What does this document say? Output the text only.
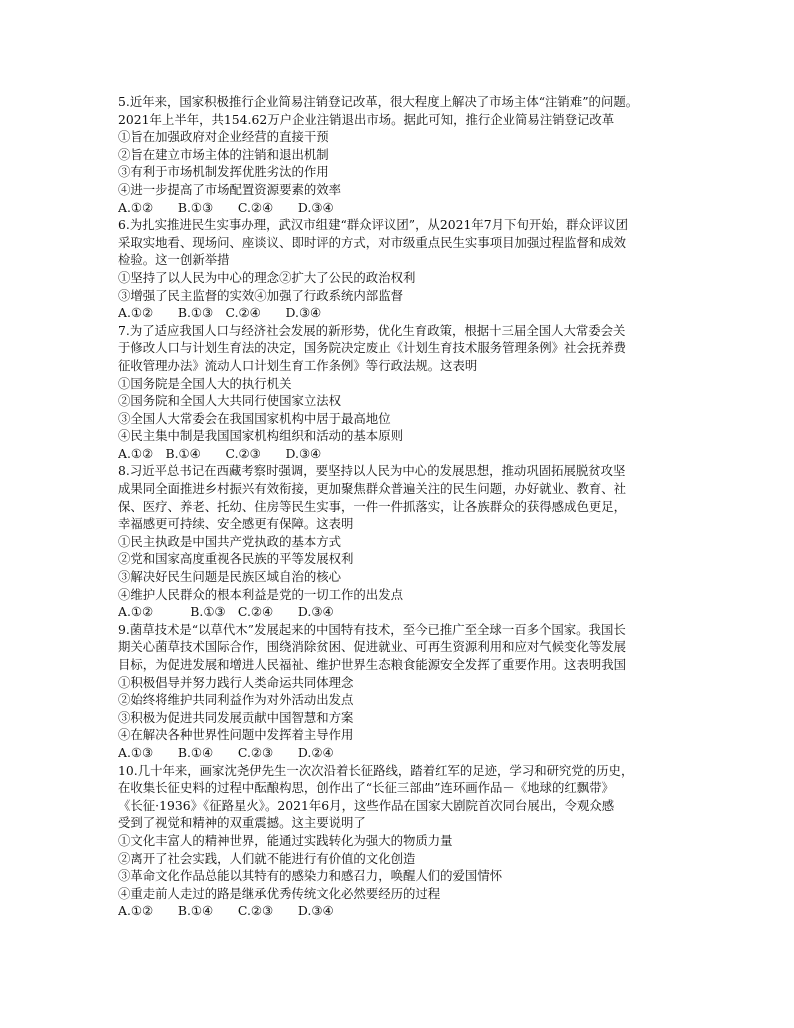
5.近年来，国家积极推行企业简易注销登记改革，很大程度上解决了市场主体“注销难”的问题。
2021年上半年，共154.62万户企业注销退出市场。据此可知，推行企业简易注销登记改革
①旨在加强政府对企业经营的直接干预
②旨在建立市场主体的注销和退出机制
③有利于市场机制发挥优胜劣汰的作用
④进一步提高了市场配置资源要素的效率
A.①②　　B.①③　　C.②④　　D.③④
6.为扎实推进民生实事办理，武汉市组建“群众评议团”，从2021年7月下旬开始，群众评议团
采取实地看、现场问、座谈议、即时评的方式，对市级重点民生实事项目加强过程监督和成效
检验。这一创新举措
①坚持了以人民为中心的理念②扩大了公民的政治权利
③增强了民主监督的实效④加强了行政系统内部监督
A.①②　　B.①③　C.②④　　D.③④
7.为了适应我国人口与经济社会发展的新形势，优化生育政策，根据十三届全国人大常委会关
于修改人口与计划生育法的决定，国务院决定废止《计划生育技术服务管理条例》社会抚养费
征收管理办法》流动人口计划生育工作条例》等行政法规。这表明
①国务院是全国人大的执行机关
②国务院和全国人大共同行使国家立法权
③全国人大常委会在我国国家机构中居于最高地位
④民主集中制是我国国家机构组织和活动的基本原则
A.①②　B.①④　　C.②③　　D.③④
8.习近平总书记在西藏考察时强调，要坚持以人民为中心的发展思想，推动巩固拓展脱贫攻坚
成果同全面推进乡村振兴有效衔接，更加聚焦群众普遍关注的民生问题，办好就业、教育、社
保、医疗、养老、托幼、住房等民生实事，一件一件抓落实，让各族群众的获得感成色更足，
幸福感更可持续、安全感更有保障。这表明
①民主执政是中国共产党执政的基本方式
②党和国家高度重视各民族的平等发展权利
③解决好民生问题是民族区域自治的核心
④维护人民群众的根本利益是党的一切工作的出发点
A.①②　　　B.①③　C.②④　　D.③④
9.菌草技术是“以草代木”发展起来的中国特有技术，至今已推广至全球一百多个国家。我国长
期关心菌草技术国际合作，围绕消除贫困、促进就业、可再生资源利用和应对气候变化等发展
目标，为促进发展和增进人民福祉、维护世界生态粮食能源安全发挥了重要作用。这表明我国
①积极倡导并努力践行人类命运共同体理念
②始终将维护共同利益作为对外活动出发点
③积极为促进共同发展贡献中国智慧和方案
④在解决各种世界性问题中发挥着主导作用
A.①③　　B.①④　　C.②③　　D.②④
10.几十年来，画家沈尧伊先生一次次沿着长征路线，踏着红军的足迹，学习和研究党的历史，
在收集长征史料的过程中酝酿构思，创作出了“长征三部曲”连环画作品－《地球的红飘带》
《长征·1936》《征路星火》。2021年6月，这些作品在国家大剧院首次同台展出，令观众感
受到了视觉和精神的双重震撼。这主要说明了
①文化丰富人的精神世界，能通过实践转化为强大的物质力量
②离开了社会实践，人们就不能进行有价值的文化创造
③革命文化作品总能以其特有的感染力和感召力，唤醒人们的爱国情怀
④重走前人走过的路是继承优秀传统文化必然要经历的过程
A.①②　　B.①④　　C.②③　　D.③④
